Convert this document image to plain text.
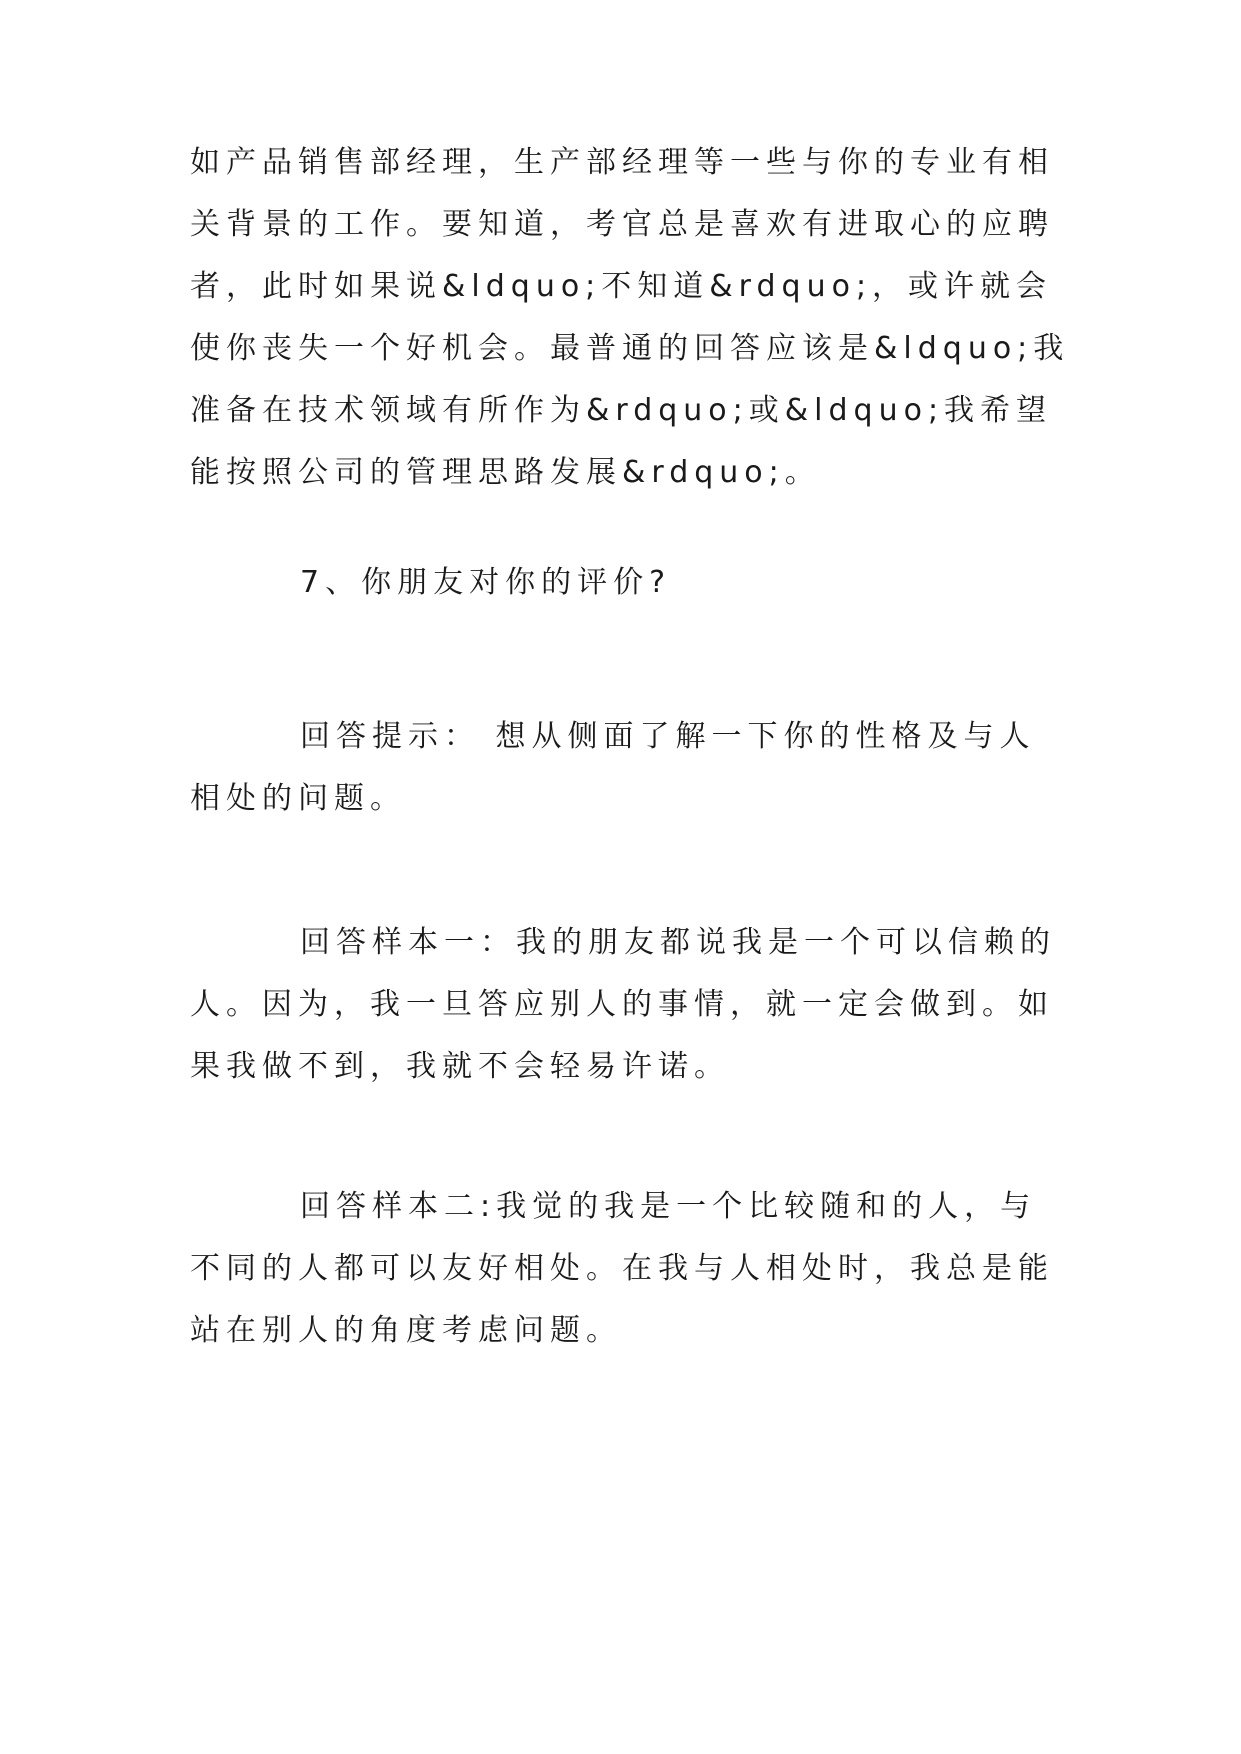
如产品销售部经理，生产部经理等一些与你的专业有相关背景的工作。要知道，考官总是喜欢有进取心的应聘者，此时如果说&ldquo;不知道&rdquo;，或许就会使你丧失一个好机会。最普通的回答应该是&ldquo;我准备在技术领域有所作为&rdquo;或&ldquo;我希望能按照公司的管理思路发展&rdquo;。

7、你朋友对你的评价?

回答提示： 想从侧面了解一下你的性格及与人相处的问题。

回答样本一：我的朋友都说我是一个可以信赖的人。因为，我一旦答应别人的事情，就一定会做到。如果我做不到，我就不会轻易许诺。

回答样本二:我觉的我是一个比较随和的人，与不同的人都可以友好相处。在我与人相处时，我总是能站在别人的角度考虑问题。
